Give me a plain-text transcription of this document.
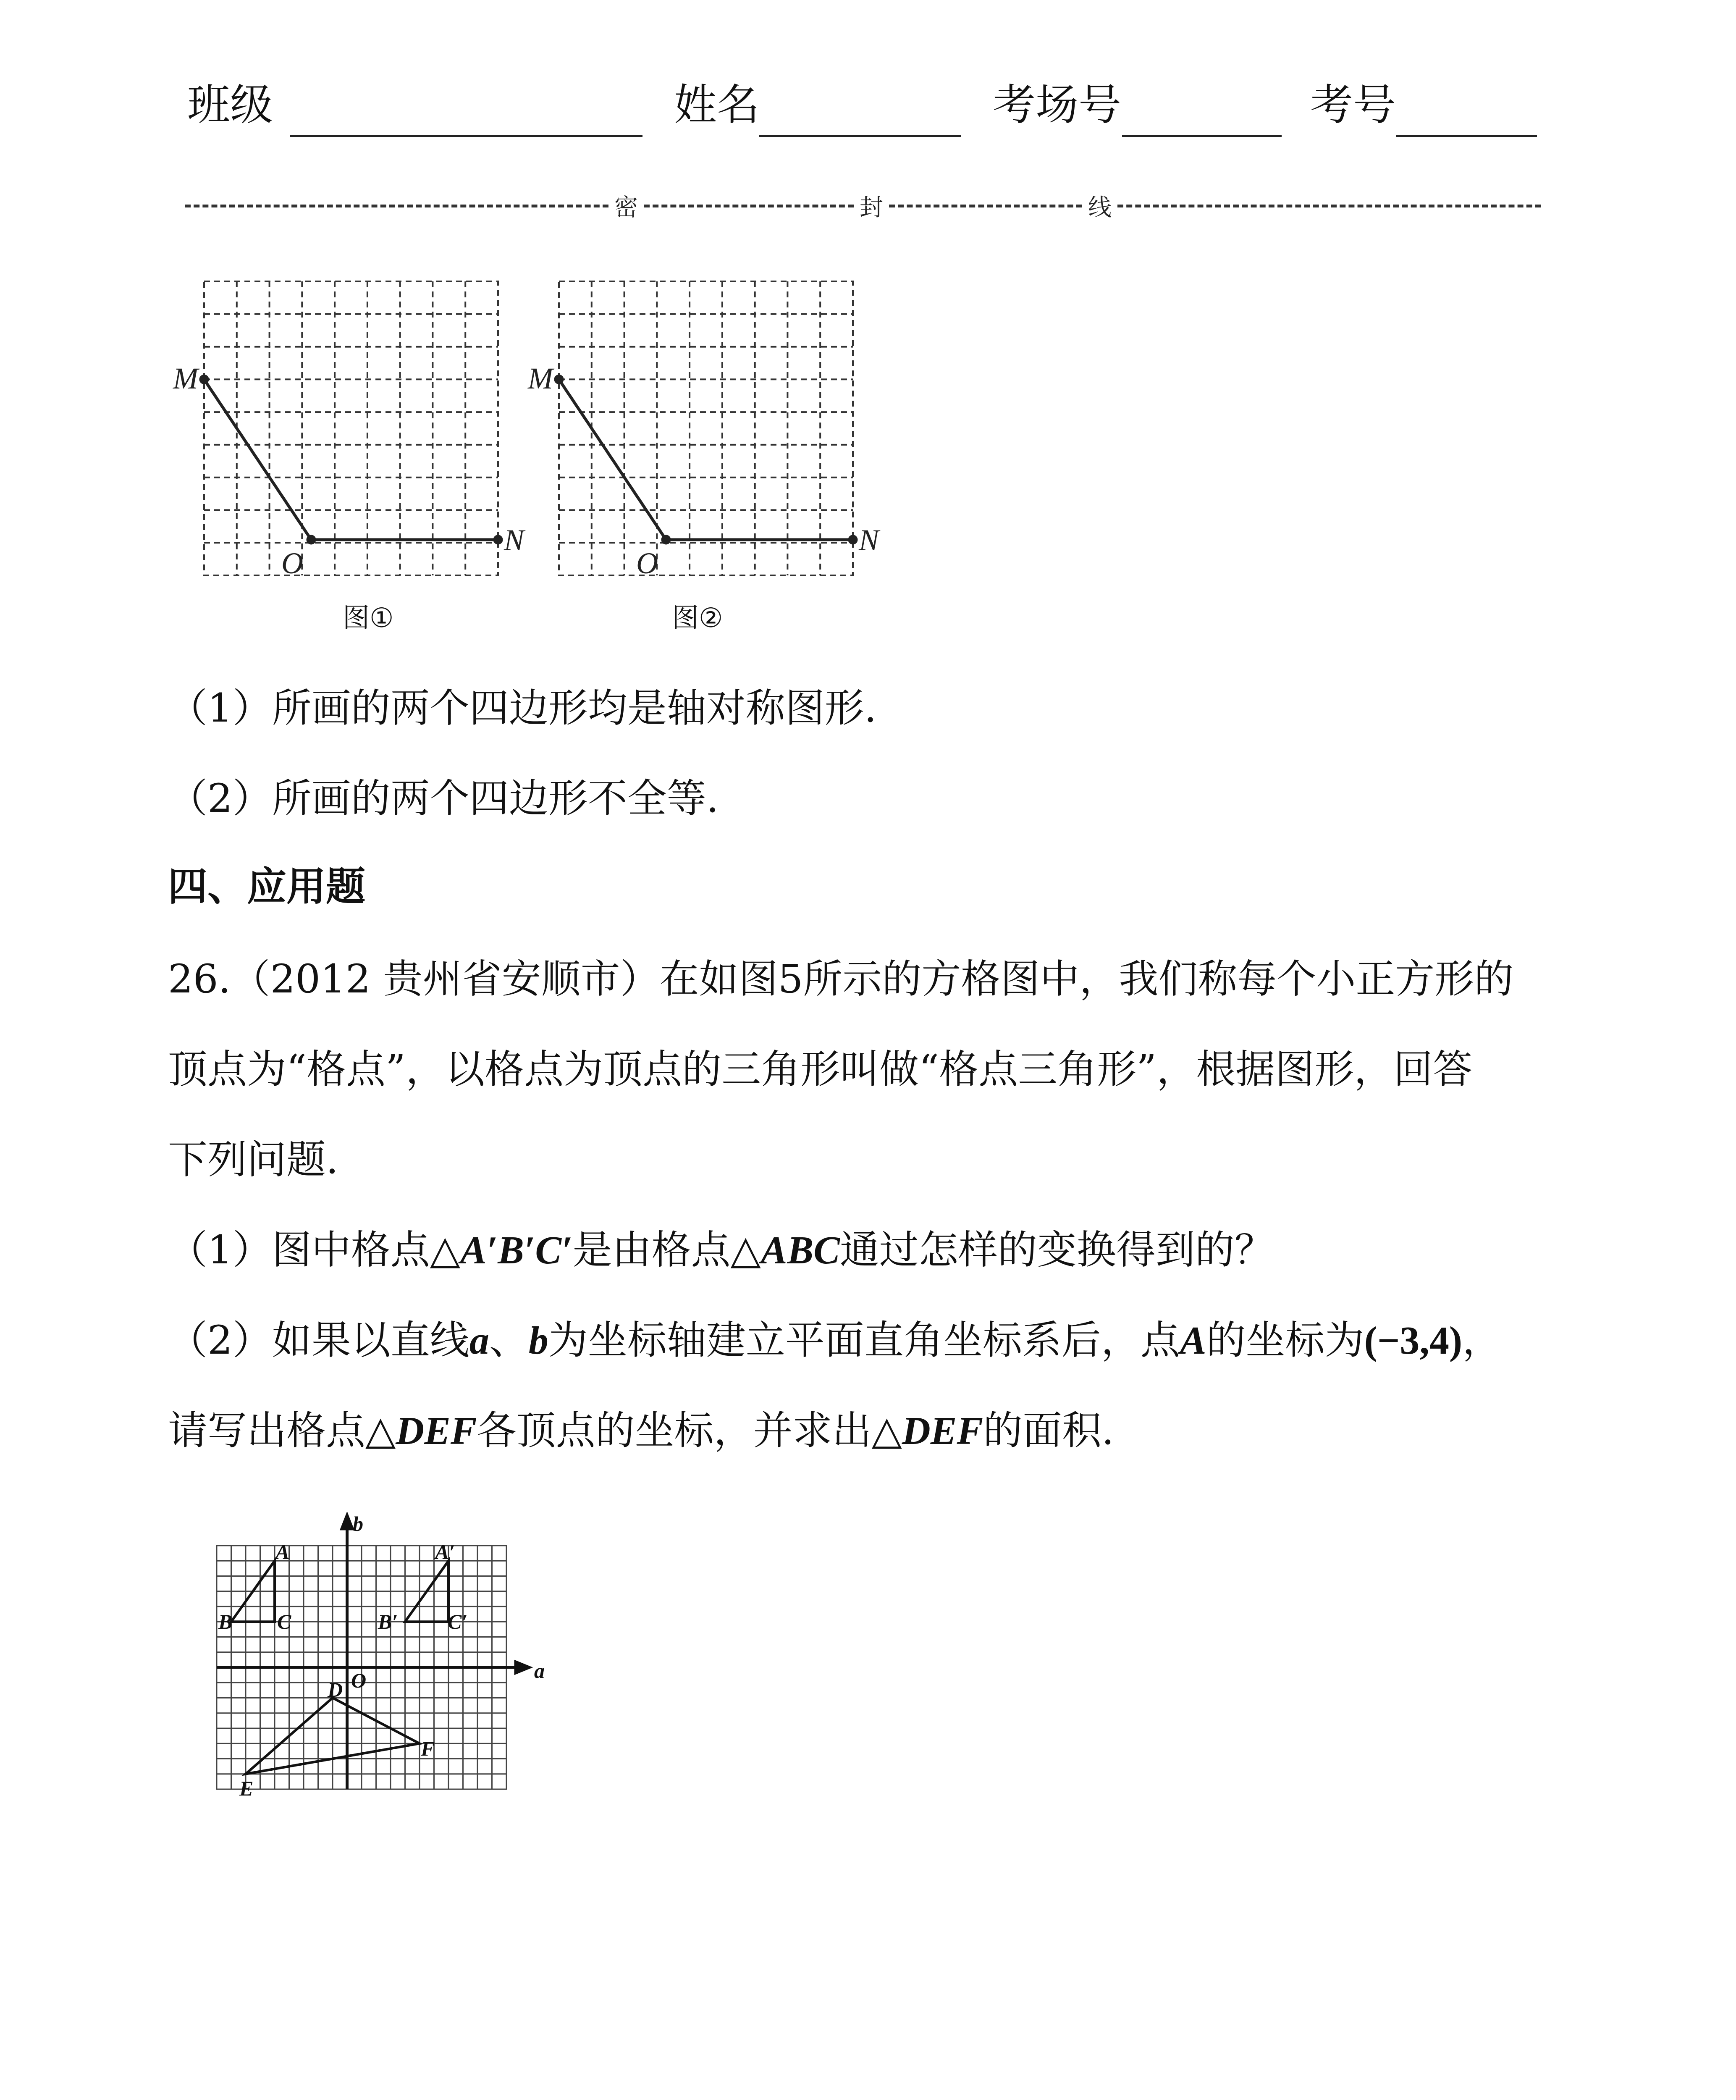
班级	姓名	考场号	考号
密	封	线
M
O
N
图①
M
O
N
图②
（1）所画的两个四边形均是轴对称图形.
（2）所画的两个四边形不全等.
四、应用题
26.（2012 贵州省安顺市）在如图5所示的方格图中，我们称每个小正方形的
顶点为“格点”，以格点为顶点的三角形叫做“格点三角形”，根据图形，回答
下列问题.
（1）图中格点△A′B′C′是由格点△ABC通过怎样的变换得到的？
（2）如果以直线a、b为坐标轴建立平面直角坐标系后，点A的坐标为(−3,4)，
请写出格点△DEF各顶点的坐标，并求出△DEF的面积.
b
a
A
B C
A′
B′ C′
O
D
E
F
